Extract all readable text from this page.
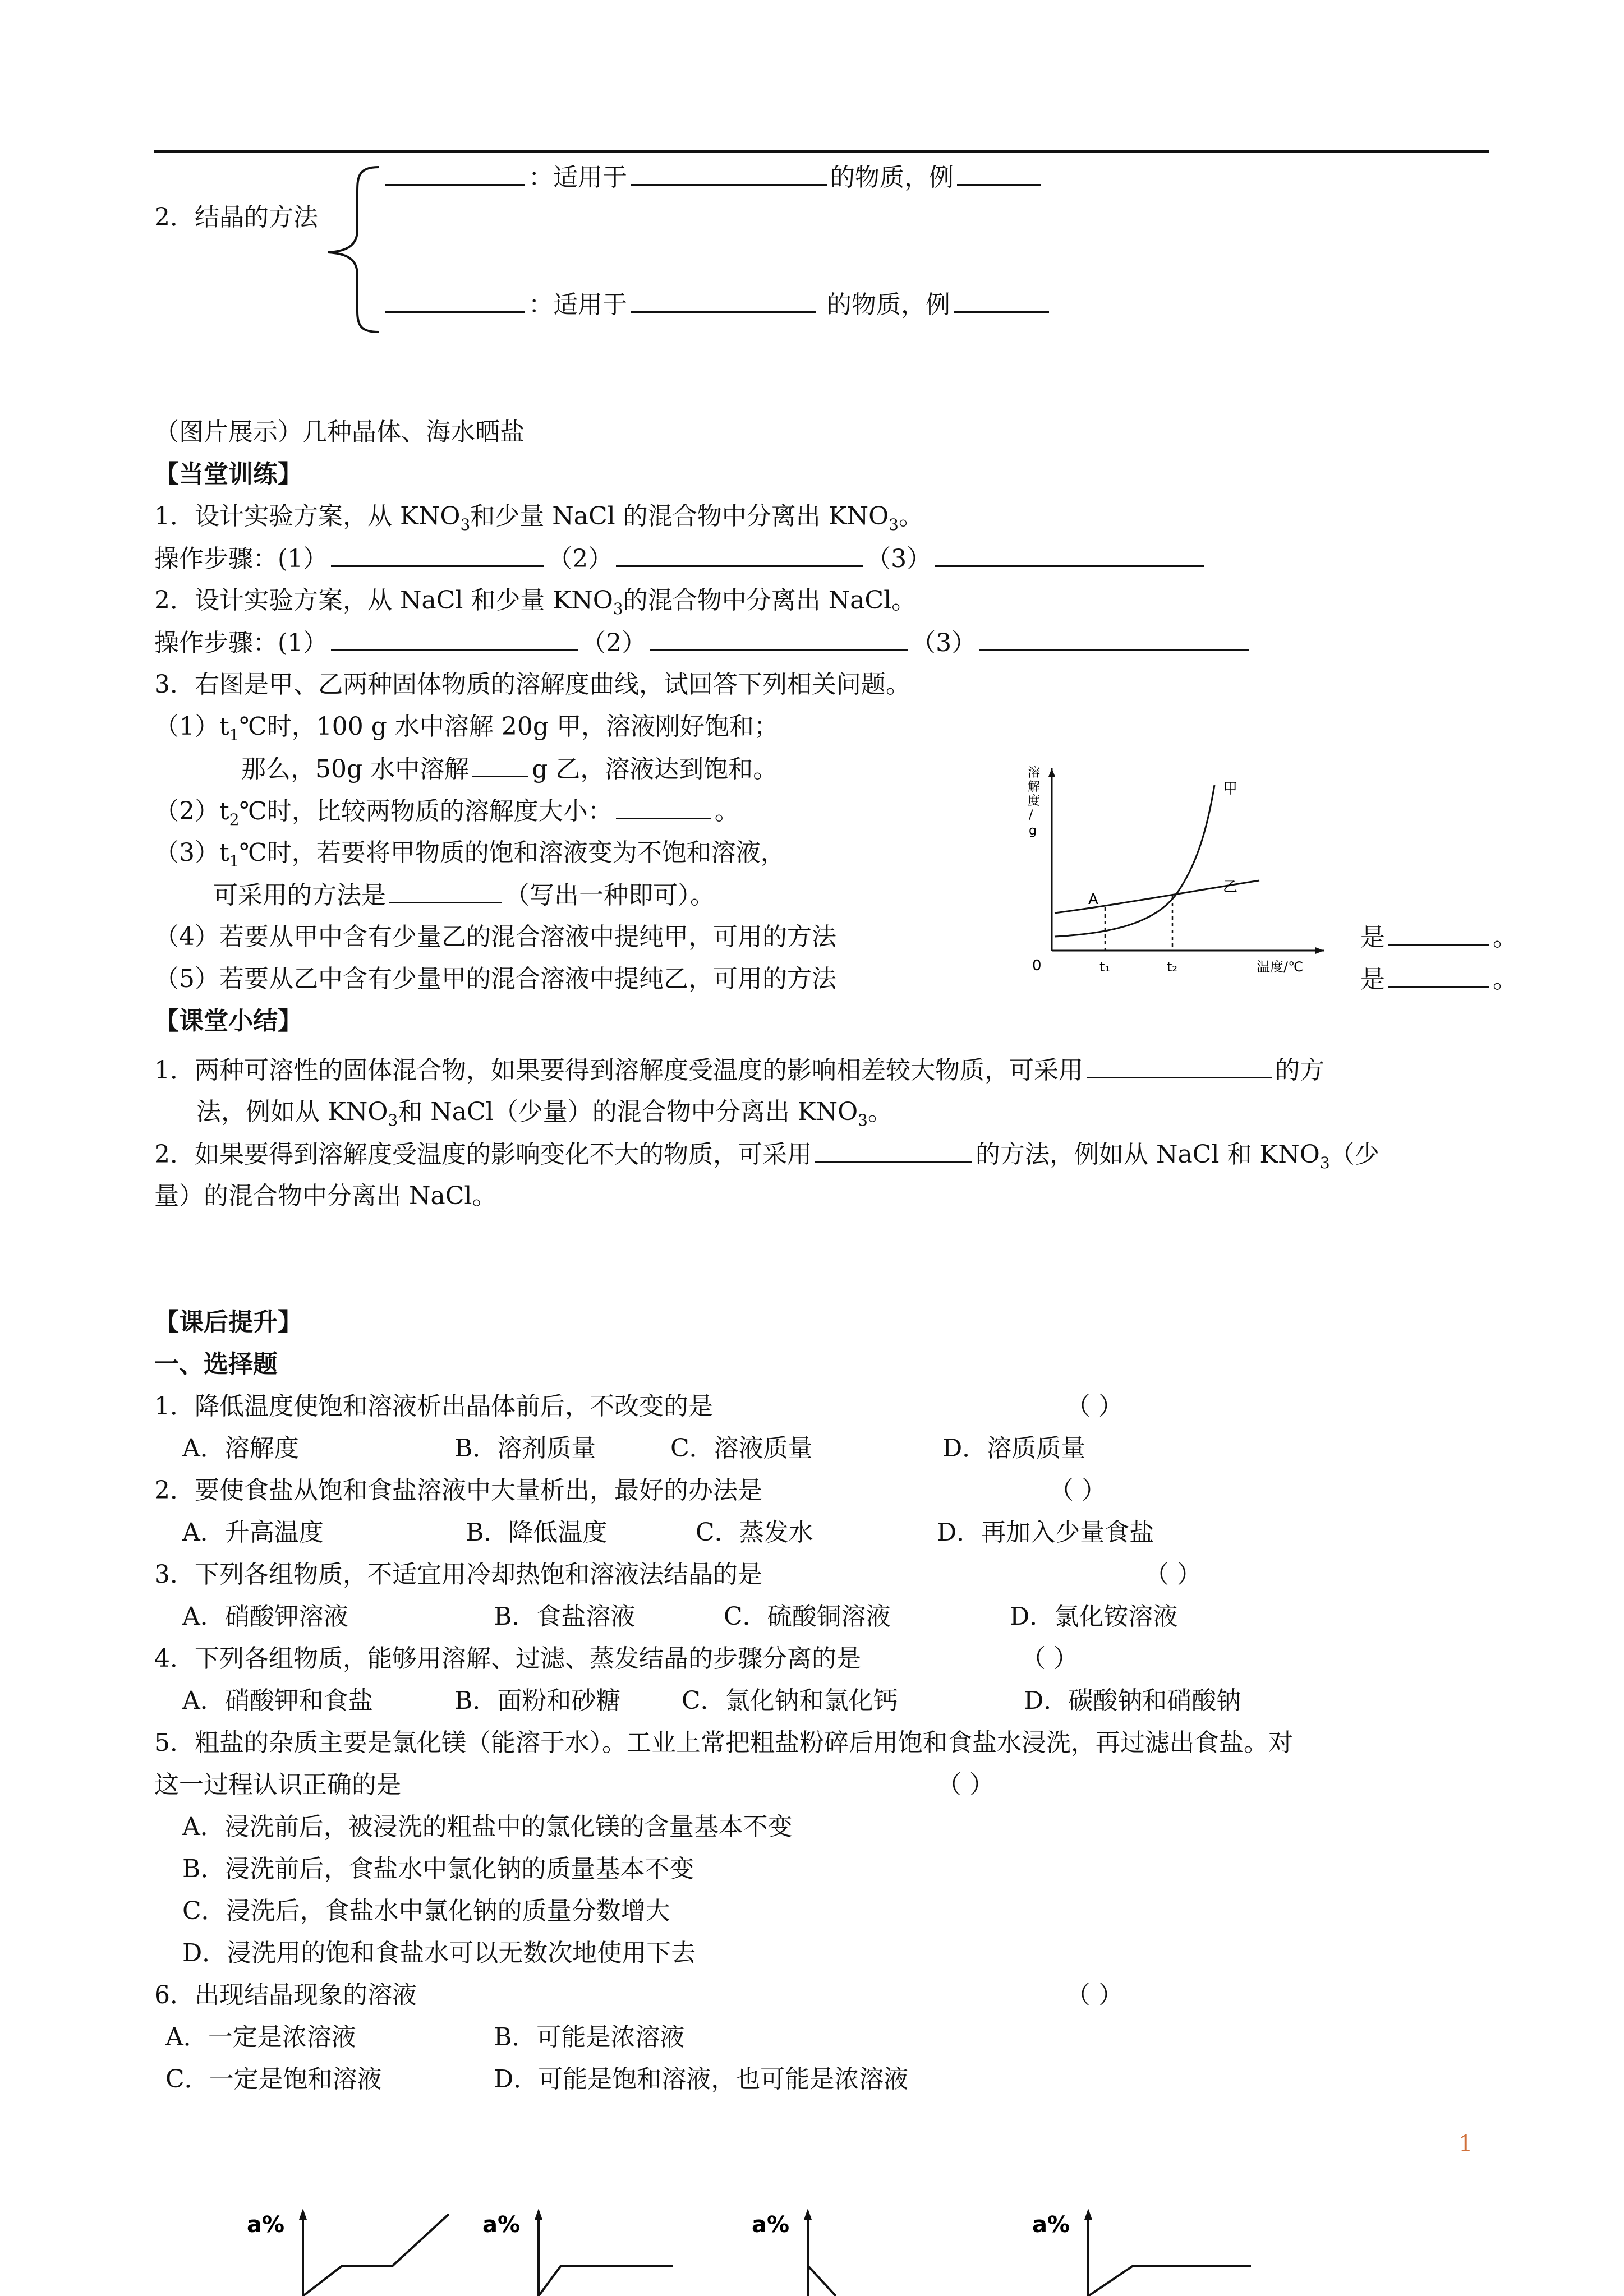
2．结晶的方法
：适用于	的物质，例
：适用于	的物质，例
（图片展示）几种晶体、海水晒盐
【当堂训练】
1．设计实验方案，从 $KNO_3$和少量 NaCl 的混合物中分离出 $KNO_3$。
操作步骤：(1）	（2）	（3）
2．设计实验方案，从 NaCl 和少量 $KNO_3$的混合物中分离出 NaCl。
操作步骤：(1）	（2）	（3）
3．右图是甲、乙两种固体物质的溶解度曲线，试回答下列相关问题。
$(1)t_1℃$时，100 g 水中溶解 20g 甲，溶液刚好饱和；
那么，50g 水中溶解	g 乙，溶液达到饱和。
$(2)t_2℃$时，比较两物质的溶解度大小：	。
$(3)t_1℃$时，若要将甲物质的饱和溶液变为不饱和溶液，
可采用的方法是	（写出一种即可）。
（4）若要从甲中含有少量乙的混合溶液中提纯甲，可用的方法	是	。
（5）若要从乙中含有少量甲的混合溶液中提纯乙，可用的方法	是	。
溶
解
度
/
g
0
A
t₁	t₂	温度/℃
甲
乙
【课堂小结】
1．两种可溶性的固体混合物，如果要得到溶解度受温度的影响相差较大物质，可采用	的方
法，例如从 $KNO_3$和 NaCl（少量）的混合物中分离出 $KNO_3$。
2．如果要得到溶解度受温度的影响变化不大的物质，可采用	的方法，例如从 NaCl 和 $KNO_3$（少
量）的混合物中分离出 NaCl。
【课后提升】
一、选择题
1．降低温度使饱和溶液析出晶体前后，不改变的是	（ ）
A．溶解度	B．溶剂质量	C．溶液质量	D．溶质质量
2．要使食盐从饱和食盐溶液中大量析出，最好的办法是	（ ）
A．升高温度	B．降低温度	C．蒸发水	D．再加入少量食盐
3．下列各组物质，不适宜用冷却热饱和溶液法结晶的是	（ ）
A．硝酸钾溶液	B．食盐溶液	C．硫酸铜溶液	D．氯化铵溶液
4．下列各组物质，能够用溶解、过滤、蒸发结晶的步骤分离的是	（ ）
A．硝酸钾和食盐	B．面粉和砂糖 C．氯化钠和氯化钙	D．碳酸钠和硝酸钠
5．粗盐的杂质主要是氯化镁（能溶于水）。工业上常把粗盐粉碎后用饱和食盐水浸洗，再过滤出食盐。对
这一过程认识正确的是	（ ）
A．浸洗前后，被浸洗的粗盐中的氯化镁的含量基本不变
B．浸洗前后，食盐水中氯化钠的质量基本不变
C．浸洗后，食盐水中氯化钠的质量分数增大
D．浸洗用的饱和食盐水可以无数次地使用下去
6．出现结晶现象的溶液	（ ）
A．一定是浓溶液	B．可能是浓溶液
C．一定是饱和溶液	D．可能是饱和溶液，也可能是浓溶液
1
a%	a%	a%	a%
